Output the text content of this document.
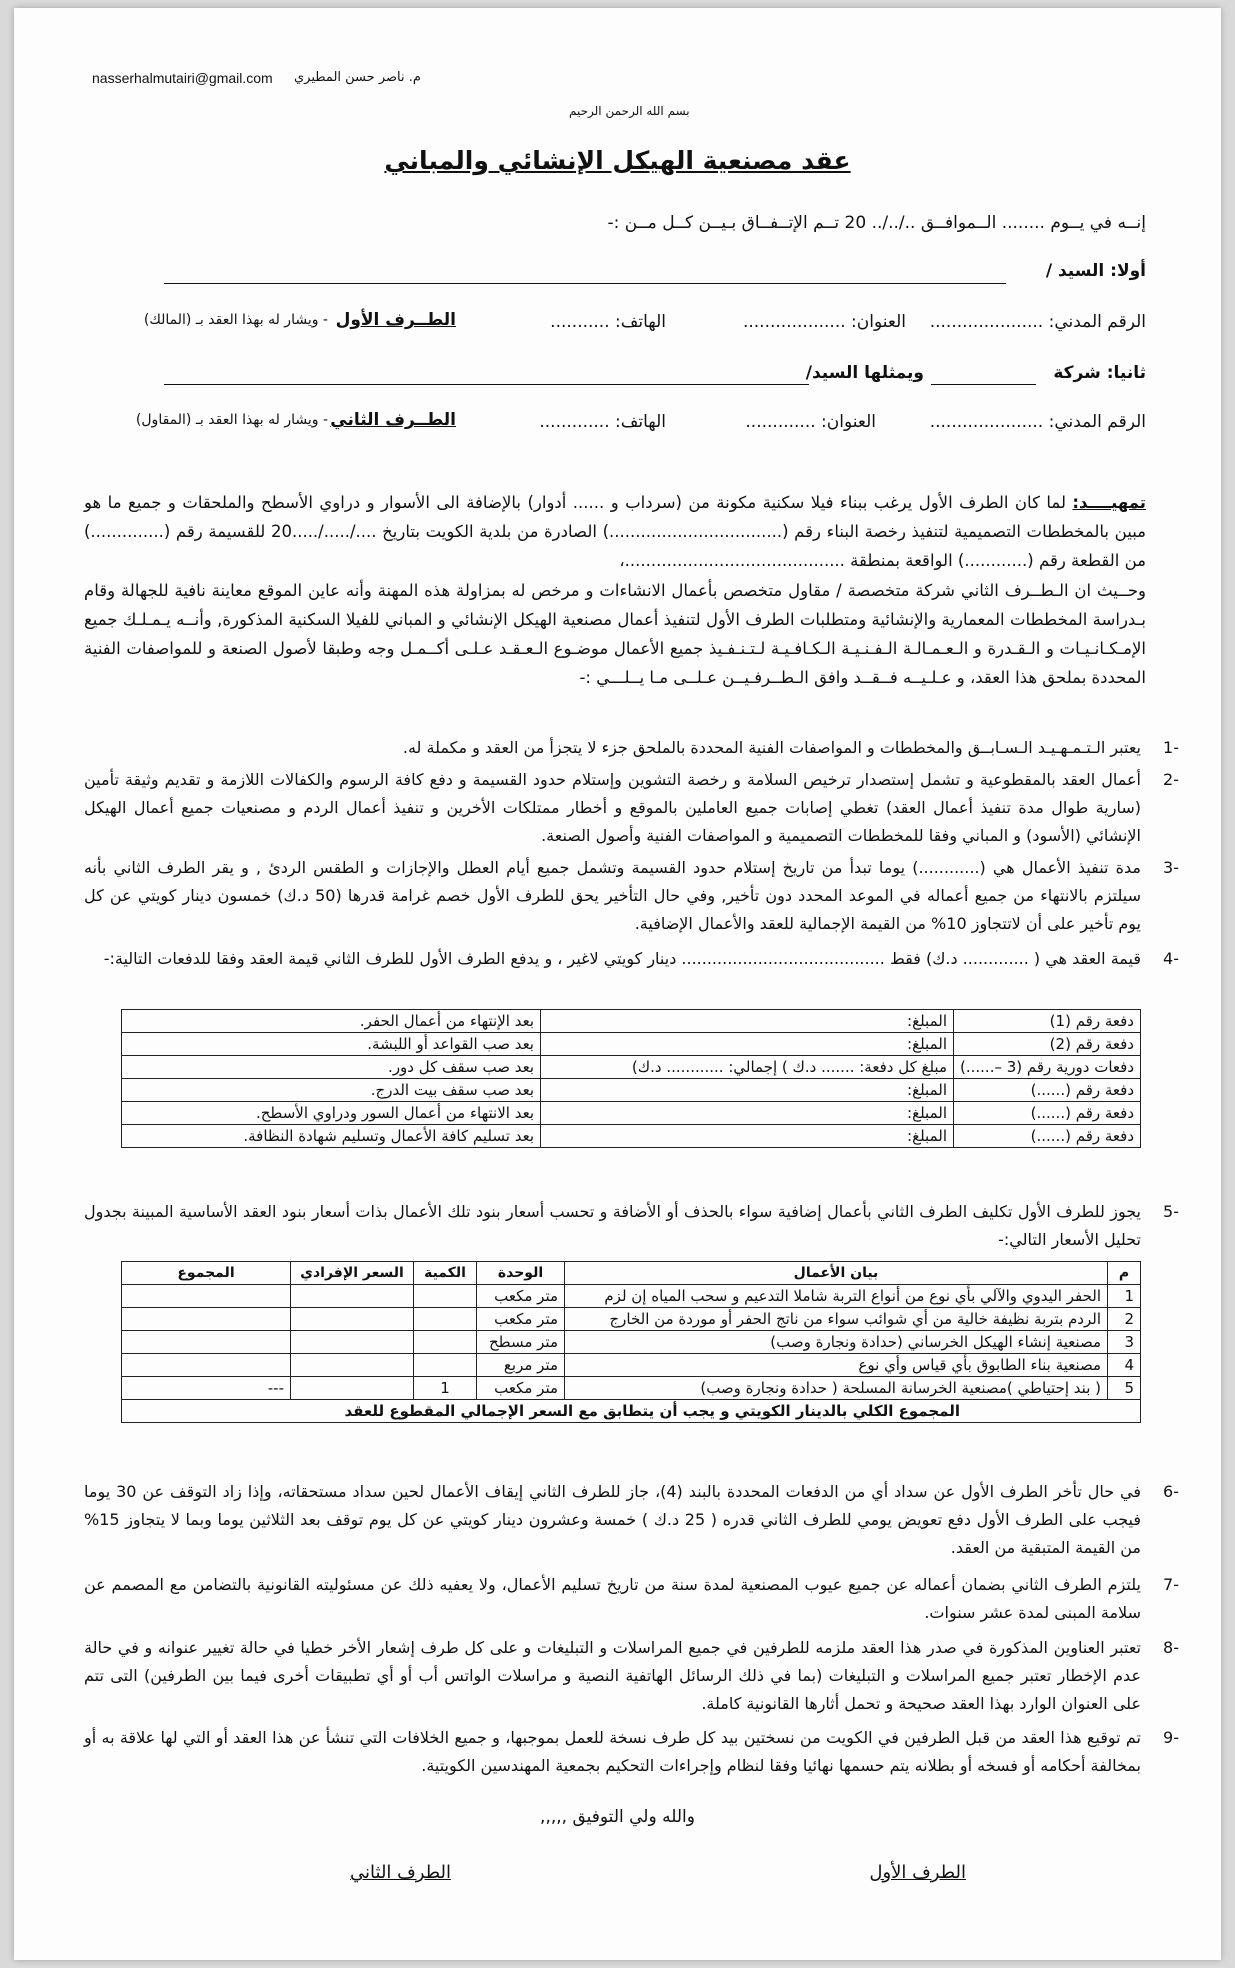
nasserhalmutairi@gmail.com م. ناصر حسن المطيري
بسم الله الرحمن الرحيم
عقد مصنعية الهيكل الإنشائي والمباني
إنــه في يــوم ........ الــموافــق ../../.. 20 تــم الإتــفــاق بـيــن كــل مــن :-
أولا: السيد /
الرقم المدني: .....................
العنوان: ...................
الهاتف: ...........
الطــرف الأول
- ويشار له بهذا العقد بـ (المالك)
ثانيا: شركة
ويمثلها السيد/
الرقم المدني: .....................
العنوان: .............
الهاتف: .............
الطــرف الثاني
- ويشار له بهذا العقد بـ (المقاول)
تمهيــــد: لما كان الطرف الأول يرغب ببناء فيلا سكنية مكونة من (سرداب و ...... أدوار) بالإضافة الى الأسوار و دراوي الأسطح والملحقات و جميع ما هو مبين بالمخططات التصميمية لتنفيذ رخصة البناء رقم (.................................) الصادرة من بلدية الكويت بتاريخ ..../...../.....20 للقسيمة رقم (..............) من القطعة رقم (............) الواقعة بمنطقة ..........................................،
وحــيث ان الـطــرف الثاني شركة متخصصة / مقاول متخصص بأعمال الانشاءات و مرخص له بمزاولة هذه المهنة وأنه عاين الموقع معاينة نافية للجهالة وقام بـدراسة المخططات المعمارية والإنشائية ومتطلبات الطرف الأول لتنفيذ أعمال مصنعية الهيكل الإنشائي و المباني للفيلا السكنية المذكورة, وأنــه يـمـلـك جميع الإمـكـانـيـات و الـقـدرة و الـعـمـالـة الـفـنـيـة الـكـافـيـة لـتـنـفـيذ جميع الأعمال موضـوع الـعـقـد عـلـى أكــمـل وجه وطبقا لأصول الصنعة و للمواصفات الفنية المحددة بملحق هذا العقد، و عـلـيــه فــقــد وافق الـطــرفـيــن عـلــى مـا يــلـــي :-
-1
يعتبر الـتـمـهـيـد الـسـابــق والمخططات و المواصفات الفنية المحددة بالملحق جزء لا يتجزأ من العقد و مكملة له.
-2
أعمال العقد بالمقطوعية و تشمل إستصدار ترخيص السلامة و رخصة التشوين وإستلام حدود القسيمة و دفع كافة الرسوم والكفالات اللازمة و تقديم وثيقة تأمين (سارية طوال مدة تنفيذ أعمال العقد) تغطي إصابات جميع العاملين بالموقع و أخطار ممتلكات الأخرين و تنفيذ أعمال الردم و مصنعيات جميع أعمال الهيكل الإنشائي (الأسود) و المباني وفقا للمخططات التصميمية و المواصفات الفنية وأصول الصنعة.
-3
مدة تنفيذ الأعمال هي (............) يوما تبدأ من تاريخ إستلام حدود القسيمة وتشمل جميع أيام العطل والإجازات و الطقس الردئ , و يقر الطرف الثاني بأنه سيلتزم بالانتهاء من جميع أعماله في الموعد المحدد دون تأخير, وفي حال التأخير يحق للطرف الأول خصم غرامة قدرها (50 د.ك) خمسون دينار كويتي عن كل يوم تأخير على أن لاتتجاوز 10% من القيمة الإجمالية للعقد والأعمال الإضافية.
-4
قيمة العقد هي ( ............. د.ك) فقط ........................................ دينار كويتي لاغير ، و يدفع الطرف الأول للطرف الثاني قيمة العقد وفقا للدفعات التالية:-
دفعة رقم (1)	المبلغ:	بعد الإنتهاء من أعمال الحفر.
دفعة رقم (2)	المبلغ:	بعد صب القواعد أو اللبشة.
دفعات دورية رقم (3 –......)	مبلغ كل دفعة: ....... د.ك ) إجمالي: ............ د.ك)	بعد صب سقف كل دور.
دفعة رقم (......)	المبلغ:	بعد صب سقف بيت الدرج.
دفعة رقم (......)	المبلغ:	بعد الانتهاء من أعمال السور ودراوي الأسطح.
دفعة رقم (......)	المبلغ:	بعد تسليم كافة الأعمال وتسليم شهادة النظافة.
-5
يجوز للطرف الأول تكليف الطرف الثاني بأعمال إضافية سواء بالحذف أو الأضافة و تحسب أسعار بنود تلك الأعمال بذات أسعار بنود العقد الأساسية المبينة بجدول تحليل الأسعار التالي:-
م	بيان الأعمال	الوحدة	الكمية	السعر الإفرادي	المجموع
1	الحفر اليدوي والآلي بأي نوع من أنواع التربة شاملا التدعيم و سحب المياه إن لزم	متر مكعب			
2	الردم بتربة نظيفة خالية من أي شوائب سواء من ناتج الحفر أو موردة من الخارج	متر مكعب			
3	مصنعية إنشاء الهيكل الخرساني (حدادة ونجارة وصب)	متر مسطح			
4	مصنعية بناء الطابوق بأي قياس وأي نوع	متر مربع			
5	( بند إحتياطي )مصنعية الخرسانة المسلحة ( حدادة ونجارة وصب)	متر مكعب	1		---
المجموع الكلي بالدينار الكويتي و يجب أن يتطابق مع السعر الإجمالي المقطوع للعقد					
-6
في حال تأخر الطرف الأول عن سداد أي من الدفعات المحددة بالبند (4)، جاز للطرف الثاني إيقاف الأعمال لحين سداد مستحقاته، وإذا زاد التوقف عن 30 يوما فيجب على الطرف الأول دفع تعويض يومي للطرف الثاني قدره ( 25 د.ك ) خمسة وعشرون دينار كويتي عن كل يوم توقف بعد الثلاثين يوما وبما لا يتجاوز 15% من القيمة المتبقية من العقد.
-7
يلتزم الطرف الثاني بضمان أعماله عن جميع عيوب المصنعية لمدة سنة من تاريخ تسليم الأعمال، ولا يعفيه ذلك عن مسئوليته القانونية بالتضامن مع المصمم عن سلامة المبنى لمدة عشر سنوات.
-8
تعتبر العناوين المذكورة في صدر هذا العقد ملزمه للطرفين في جميع المراسلات و التبليغات و على كل طرف إشعار الأخر خطيا في حالة تغيير عنوانه و في حالة عدم الإخطار تعتبر جميع المراسلات و التبليغات (بما في ذلك الرسائل الهاتفية النصية و مراسلات الواتس أب أو أي تطبيقات أخرى فيما بين الطرفين) التى تتم على العنوان الوارد بهذا العقد صحيحة و تحمل أثارها القانونية كاملة.
-9
تم توقيع هذا العقد من قبل الطرفين في الكويت من نسختين بيد كل طرف نسخة للعمل بموجبها، و جميع الخلافات التي تنشأ عن هذا العقد أو التي لها علاقة به أو بمخالفة أحكامه أو فسخه أو بطلانه يتم حسمها نهائيا وفقا لنظام وإجراءات التحكيم بجمعية المهندسين الكويتية.
والله ولي التوفيق ,,,,,
الطرف الأول
الطرف الثاني
